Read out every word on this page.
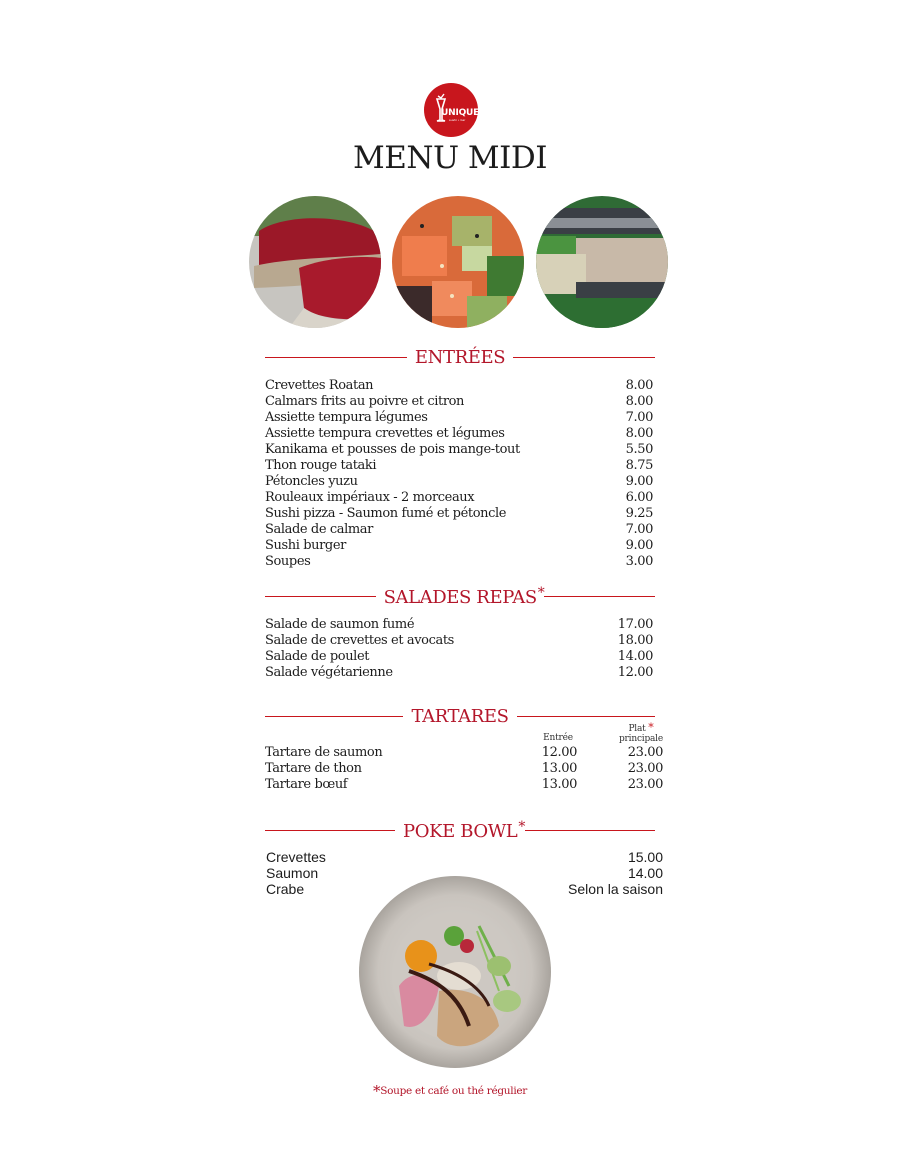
UNIQUE
sushi • bar
MENU MIDI
ENTRÉES
Crevettes Roatan	8.00
Calmars frits au poivre et citron	8.00
Assiette tempura légumes	7.00
Assiette tempura crevettes et légumes	8.00
Kanikama et pousses de pois mange-tout	5.50
Thon rouge tataki	8.75
Pétoncles yuzu	9.00
Rouleaux impériaux - 2 morceaux	6.00
Sushi pizza - Saumon fumé et pétoncle	9.25
Salade de calmar	7.00
Sushi burger	9.00
Soupes	3.00
SALADES REPAS*
Salade de saumon fumé	17.00
Salade de crevettes et avocats	18.00
Salade de poulet	14.00
Salade végétarienne	12.00
TARTARES
Entrée
Plat *
principale
Tartare de saumon	12.00	23.00
Tartare de thon	13.00	23.00
Tartare bœuf	13.00	23.00
POKE BOWL*
Crevettes	15.00
Saumon	14.00
Crabe	Selon la saison
*Soupe et café ou thé régulier
